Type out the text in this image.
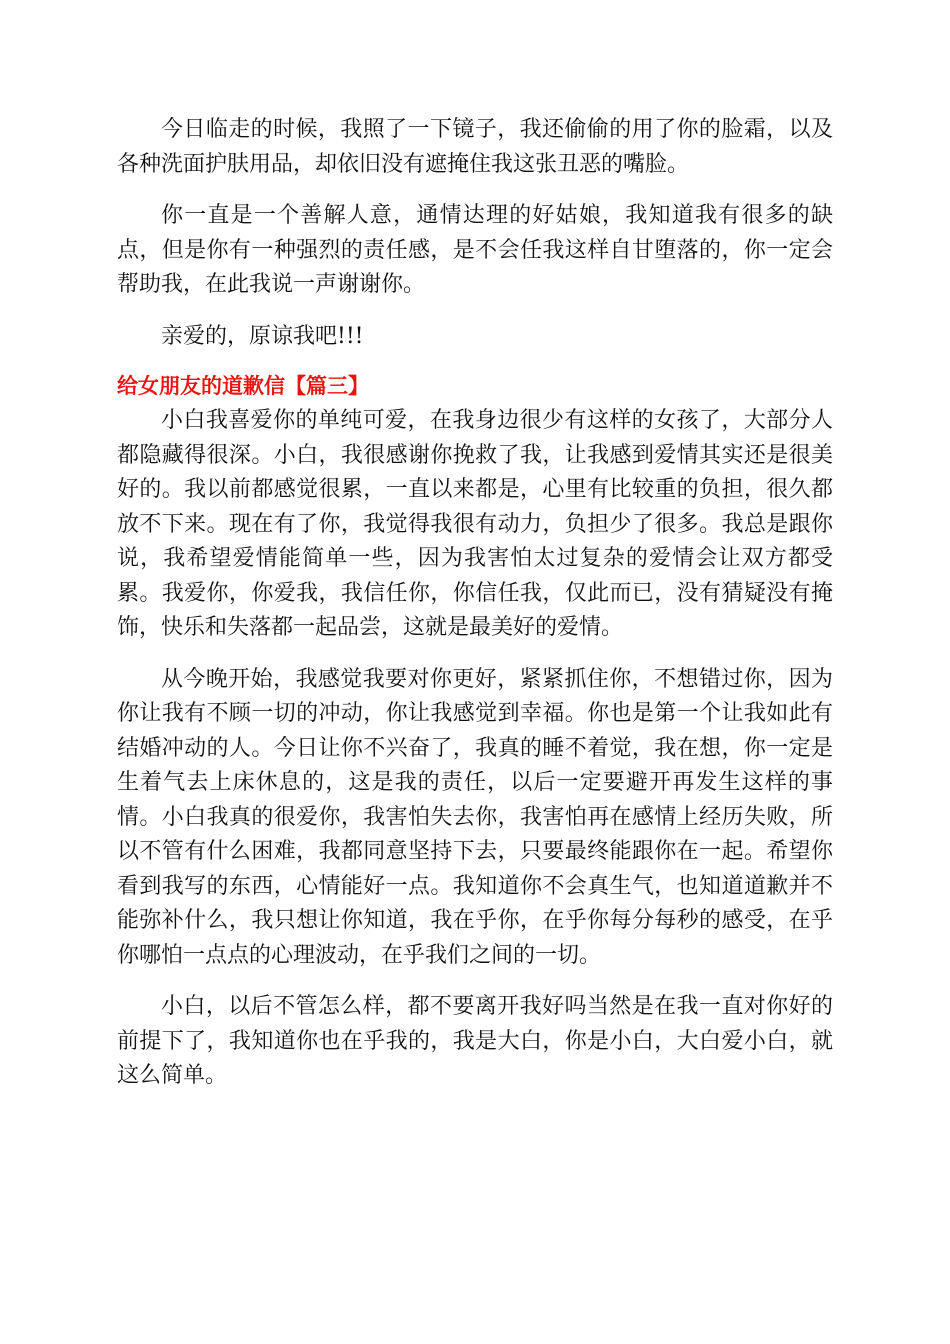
今日临走的时候，我照了一下镜子，我还偷偷的用了你的脸霜，以及各种洗面护肤用品，却依旧没有遮掩住我这张丑恶的嘴脸。

你一直是一个善解人意，通情达理的好姑娘，我知道我有很多的缺点，但是你有一种强烈的责任感，是不会任我这样自甘堕落的，你一定会帮助我，在此我说一声谢谢你。

亲爱的，原谅我吧!!!

给女朋友的道歉信【篇三】

小白我喜爱你的单纯可爱，在我身边很少有这样的女孩了，大部分人都隐藏得很深。小白，我很感谢你挽救了我，让我感到爱情其实还是很美好的。我以前都感觉很累，一直以来都是，心里有比较重的负担，很久都放不下来。现在有了你，我觉得我很有动力，负担少了很多。我总是跟你说，我希望爱情能简单一些，因为我害怕太过复杂的爱情会让双方都受累。我爱你，你爱我，我信任你，你信任我，仅此而已，没有猜疑没有掩饰，快乐和失落都一起品尝，这就是最美好的爱情。

从今晚开始，我感觉我要对你更好，紧紧抓住你，不想错过你，因为你让我有不顾一切的冲动，你让我感觉到幸福。你也是第一个让我如此有结婚冲动的人。今日让你不兴奋了，我真的睡不着觉，我在想，你一定是生着气去上床休息的，这是我的责任，以后一定要避开再发生这样的事情。小白我真的很爱你，我害怕失去你，我害怕再在感情上经历失败，所以不管有什么困难，我都同意坚持下去，只要最终能跟你在一起。希望你看到我写的东西，心情能好一点。我知道你不会真生气，也知道道歉并不能弥补什么，我只想让你知道，我在乎你，在乎你每分每秒的感受，在乎你哪怕一点点的心理波动，在乎我们之间的一切。

小白，以后不管怎么样，都不要离开我好吗当然是在我一直对你好的前提下了，我知道你也在乎我的，我是大白，你是小白，大白爱小白，就这么简单。
